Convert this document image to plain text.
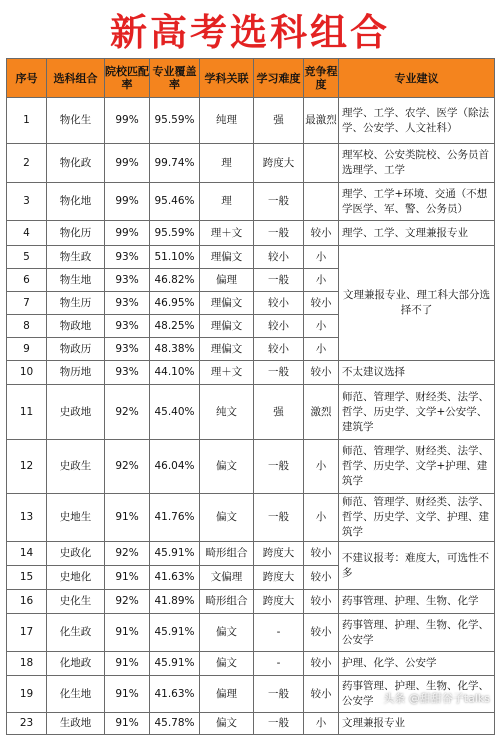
新高考选科组合
序号	选科组合	院校匹配率	专业覆盖率	学科关联	学习难度	竞争程度	专业建议
1	物化生	99%	95.59%	纯理	强	最激烈	理学、工学、农学、医学（除法学、公安学、人文社科）
2	物化政	99%	99.74%	理	跨度大		理军校、公安类院校、公务员首选理学、工学
3	物化地	99%	95.46%	理	一般		理学、工学+环境、交通（不想学医学、军、警、公务员）
4	物化历	99%	95.59%	理＋文	一般	较小	理学、工学、文理兼报专业
5	物生政	93%	51.10%	理偏文	较小	小	文理兼报专业、理工科大部分选择不了
6	物生地	93%	46.82%	偏理	一般	小	
7	物生历	93%	46.95%	理偏文	较小	较小	
8	物政地	93%	48.25%	理偏文	较小	小	
9	物政历	93%	48.38%	理偏文	较小	小	
10	物历地	93%	44.10%	理＋文	一般	较小	不太建议选择
11	史政地	92%	45.40%	纯文	强	激烈	师范、管理学、财经类、法学、哲学、历史学、文学+公安学、建筑学
12	史政生	92%	46.04%	偏文	一般	小	师范、管理学、财经类、法学、哲学、历史学、文学+护理、建筑学
13	史地生	91%	41.76%	偏文	一般	小	师范、管理学、财经类、法学、哲学、历史学、文学、护理、建筑学
14	史政化	92%	45.91%	畸形组合	跨度大	较小	不建议报考：难度大，可选性不多
15	史地化	91%	41.63%	文偏理	跨度大	较小	
16	史化生	92%	41.89%	畸形组合	跨度大	较小	药事管理、护理、生物、化学
17	化生政	91%	45.91%	偏文	-	较小	药事管理、护理、生物、化学、公安学
18	化地政	91%	45.91%	偏文	-	较小	护理、化学、公安学
19	化生地	91%	41.63%	偏理	一般	较小	药事管理、护理、生物、化学、公安学
23	生政地	91%	45.78%	偏文	一般	小	文理兼报专业
头条 @甜甜谷子talks
